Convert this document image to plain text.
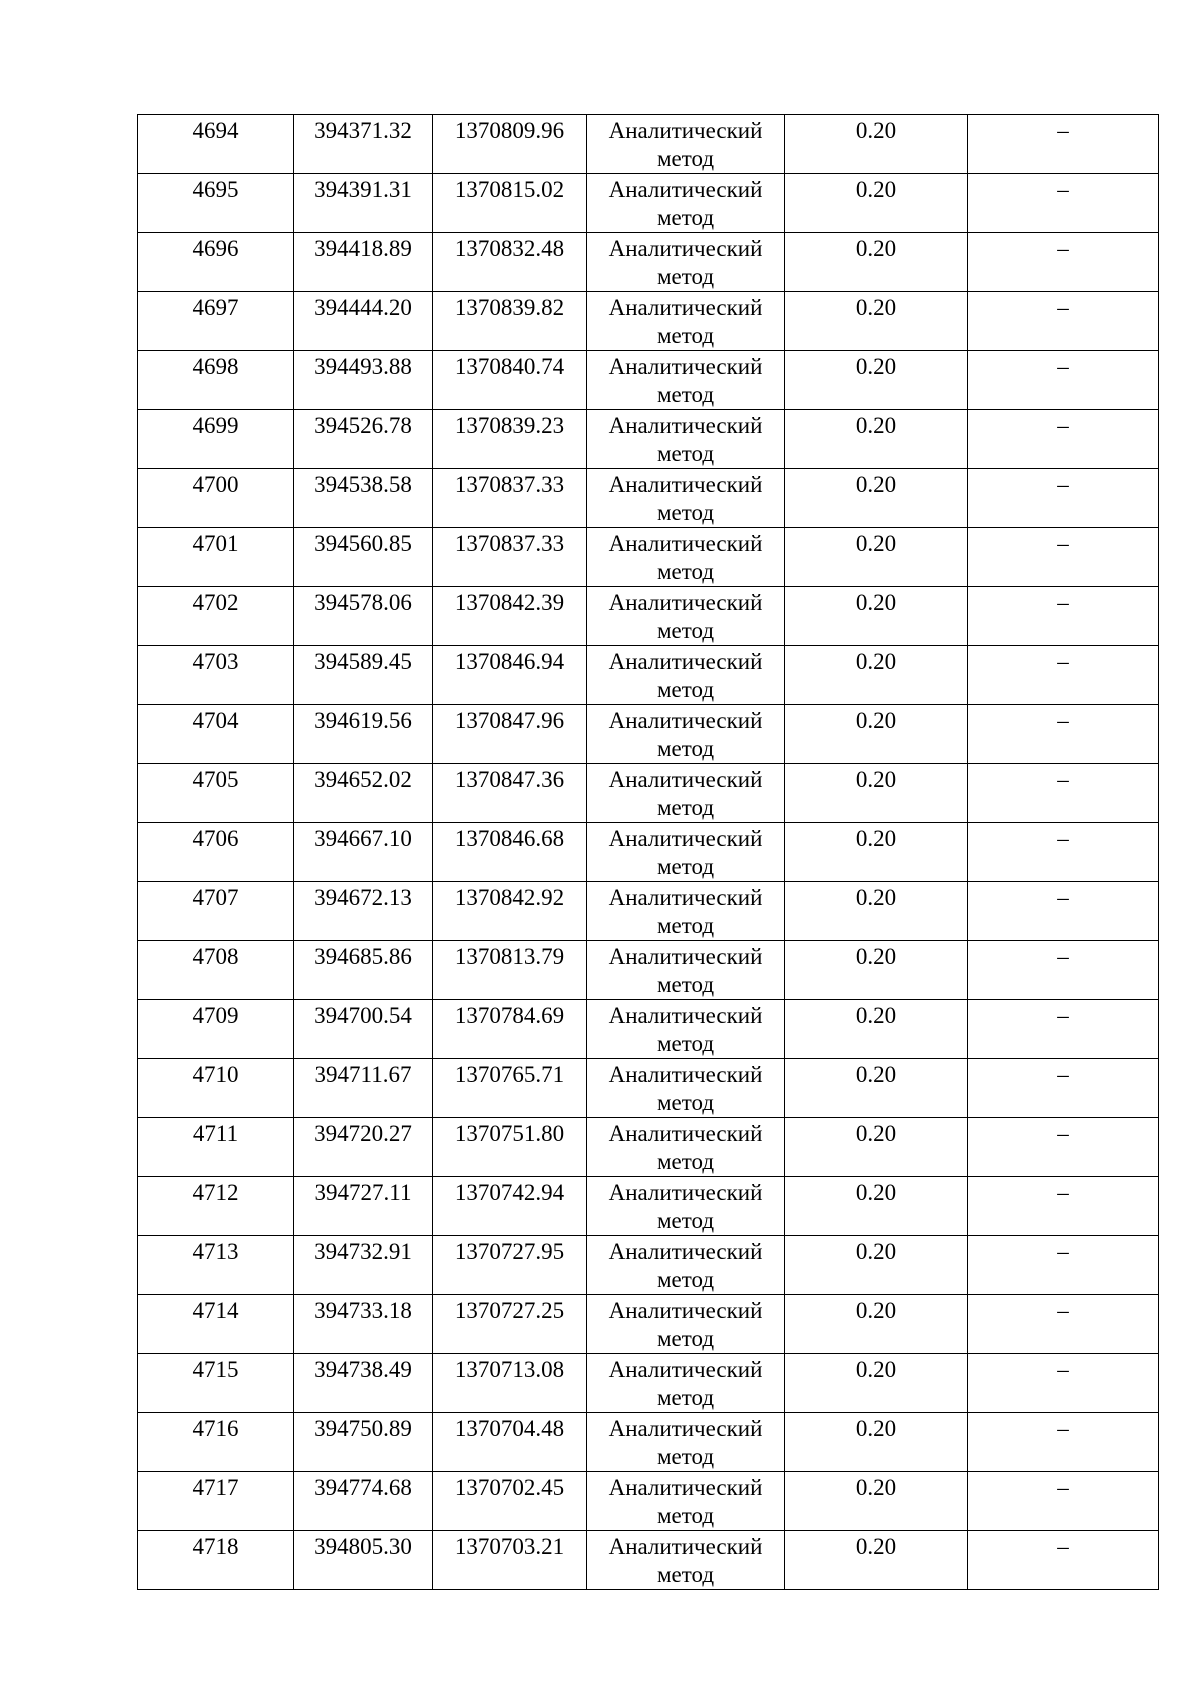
4694	394371.32	1370809.96	Аналитический метод	0.20	–
4695	394391.31	1370815.02	Аналитический метод	0.20	–
4696	394418.89	1370832.48	Аналитический метод	0.20	–
4697	394444.20	1370839.82	Аналитический метод	0.20	–
4698	394493.88	1370840.74	Аналитический метод	0.20	–
4699	394526.78	1370839.23	Аналитический метод	0.20	–
4700	394538.58	1370837.33	Аналитический метод	0.20	–
4701	394560.85	1370837.33	Аналитический метод	0.20	–
4702	394578.06	1370842.39	Аналитический метод	0.20	–
4703	394589.45	1370846.94	Аналитический метод	0.20	–
4704	394619.56	1370847.96	Аналитический метод	0.20	–
4705	394652.02	1370847.36	Аналитический метод	0.20	–
4706	394667.10	1370846.68	Аналитический метод	0.20	–
4707	394672.13	1370842.92	Аналитический метод	0.20	–
4708	394685.86	1370813.79	Аналитический метод	0.20	–
4709	394700.54	1370784.69	Аналитический метод	0.20	–
4710	394711.67	1370765.71	Аналитический метод	0.20	–
4711	394720.27	1370751.80	Аналитический метод	0.20	–
4712	394727.11	1370742.94	Аналитический метод	0.20	–
4713	394732.91	1370727.95	Аналитический метод	0.20	–
4714	394733.18	1370727.25	Аналитический метод	0.20	–
4715	394738.49	1370713.08	Аналитический метод	0.20	–
4716	394750.89	1370704.48	Аналитический метод	0.20	–
4717	394774.68	1370702.45	Аналитический метод	0.20	–
4718	394805.30	1370703.21	Аналитический метод	0.20	–
